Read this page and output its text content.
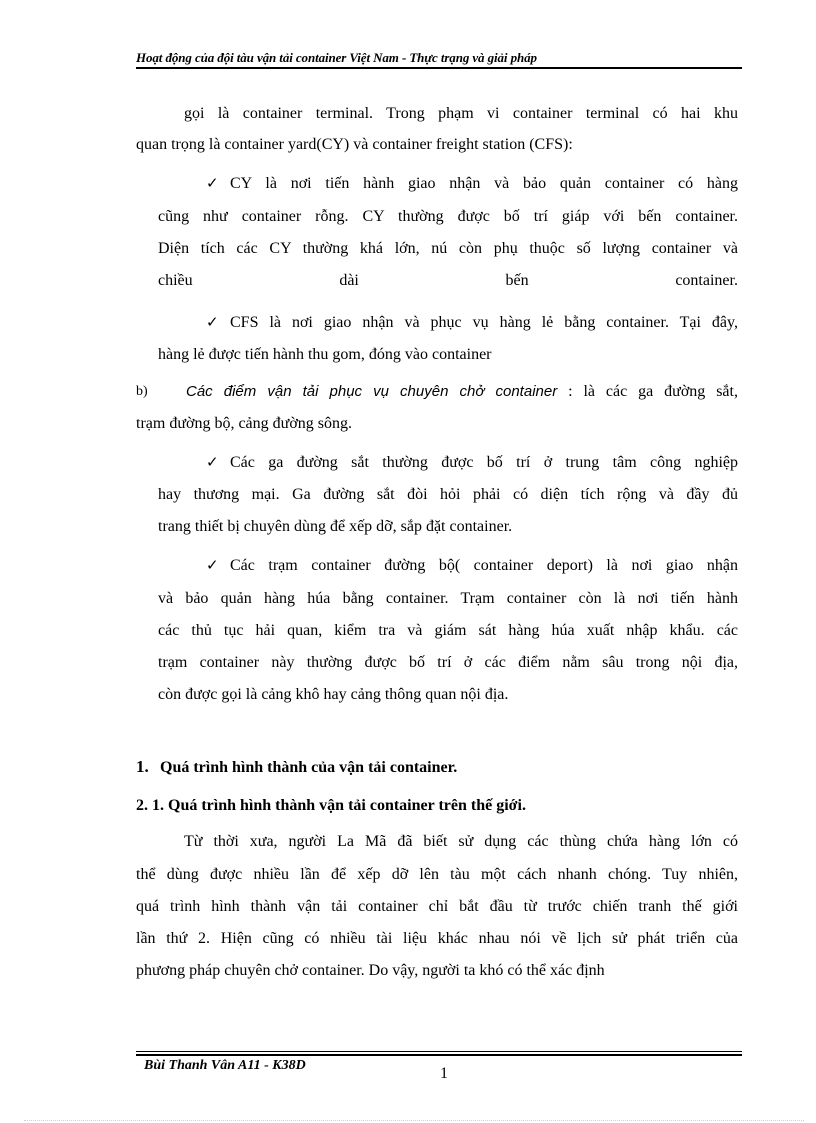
Hoạt động của đội tàu vận tải container Việt Nam - Thực trạng và giải pháp

gọi là container terminal. Trong phạm vi container terminal có hai khu

quan trọng là container yard(CY) và container freight station (CFS):

✓ CY là nơi tiến hành giao nhận và bảo quản container có hàng

cũng như container rỗng. CY thường được bố trí giáp với bến container.

Diện tích các CY thường khá lớn, nú còn phụ thuộc số lượng container và

chiều	dài	bến	container.

✓ CFS là nơi giao nhận và phục vụ hàng lẻ bằng container. Tại đây,

hàng lẻ được tiến hành thu gom, đóng vào container

b)	Các điểm vận tải phục vụ chuyên chở container : là các ga đường sắt,

trạm đường bộ, cảng đường sông.

✓ Các ga đường sắt thường được bố trí ở trung tâm công nghiệp

hay thương mại. Ga đường sắt đòi hỏi phải có diện tích rộng và đầy đủ

trang thiết bị chuyên dùng để xếp dỡ, sắp đặt container.

✓ Các trạm container đường bộ( container deport) là nơi giao nhận

và bảo quản hàng húa bằng container. Trạm container còn là nơi tiến hành

các thủ tục hải quan, kiểm tra và giám sát hàng húa xuất nhập khẩu. các

trạm container này thường được bố trí ở các điểm nằm sâu trong nội địa,

còn được gọi là cảng khô hay cảng thông quan nội địa.

1. Quá trình hình thành của vận tải container.
2. 1. Quá trình hình thành vận tải container trên thế giới.

Từ thời xưa, người La Mã đã biết sử dụng các thùng chứa hàng lớn có

thể dùng được nhiều lần để xếp dỡ lên tàu một cách nhanh chóng. Tuy nhiên,

quá trình hình thành vận tải container chỉ bắt đầu từ trước chiến tranh thế giới

lần thứ 2. Hiện cũng có nhiều tài liệu khác nhau nói về lịch sử phát triển của

phương pháp chuyên chở container. Do vậy, người ta khó có thể xác định

Bùi Thanh Vân A11 - K38D	1
